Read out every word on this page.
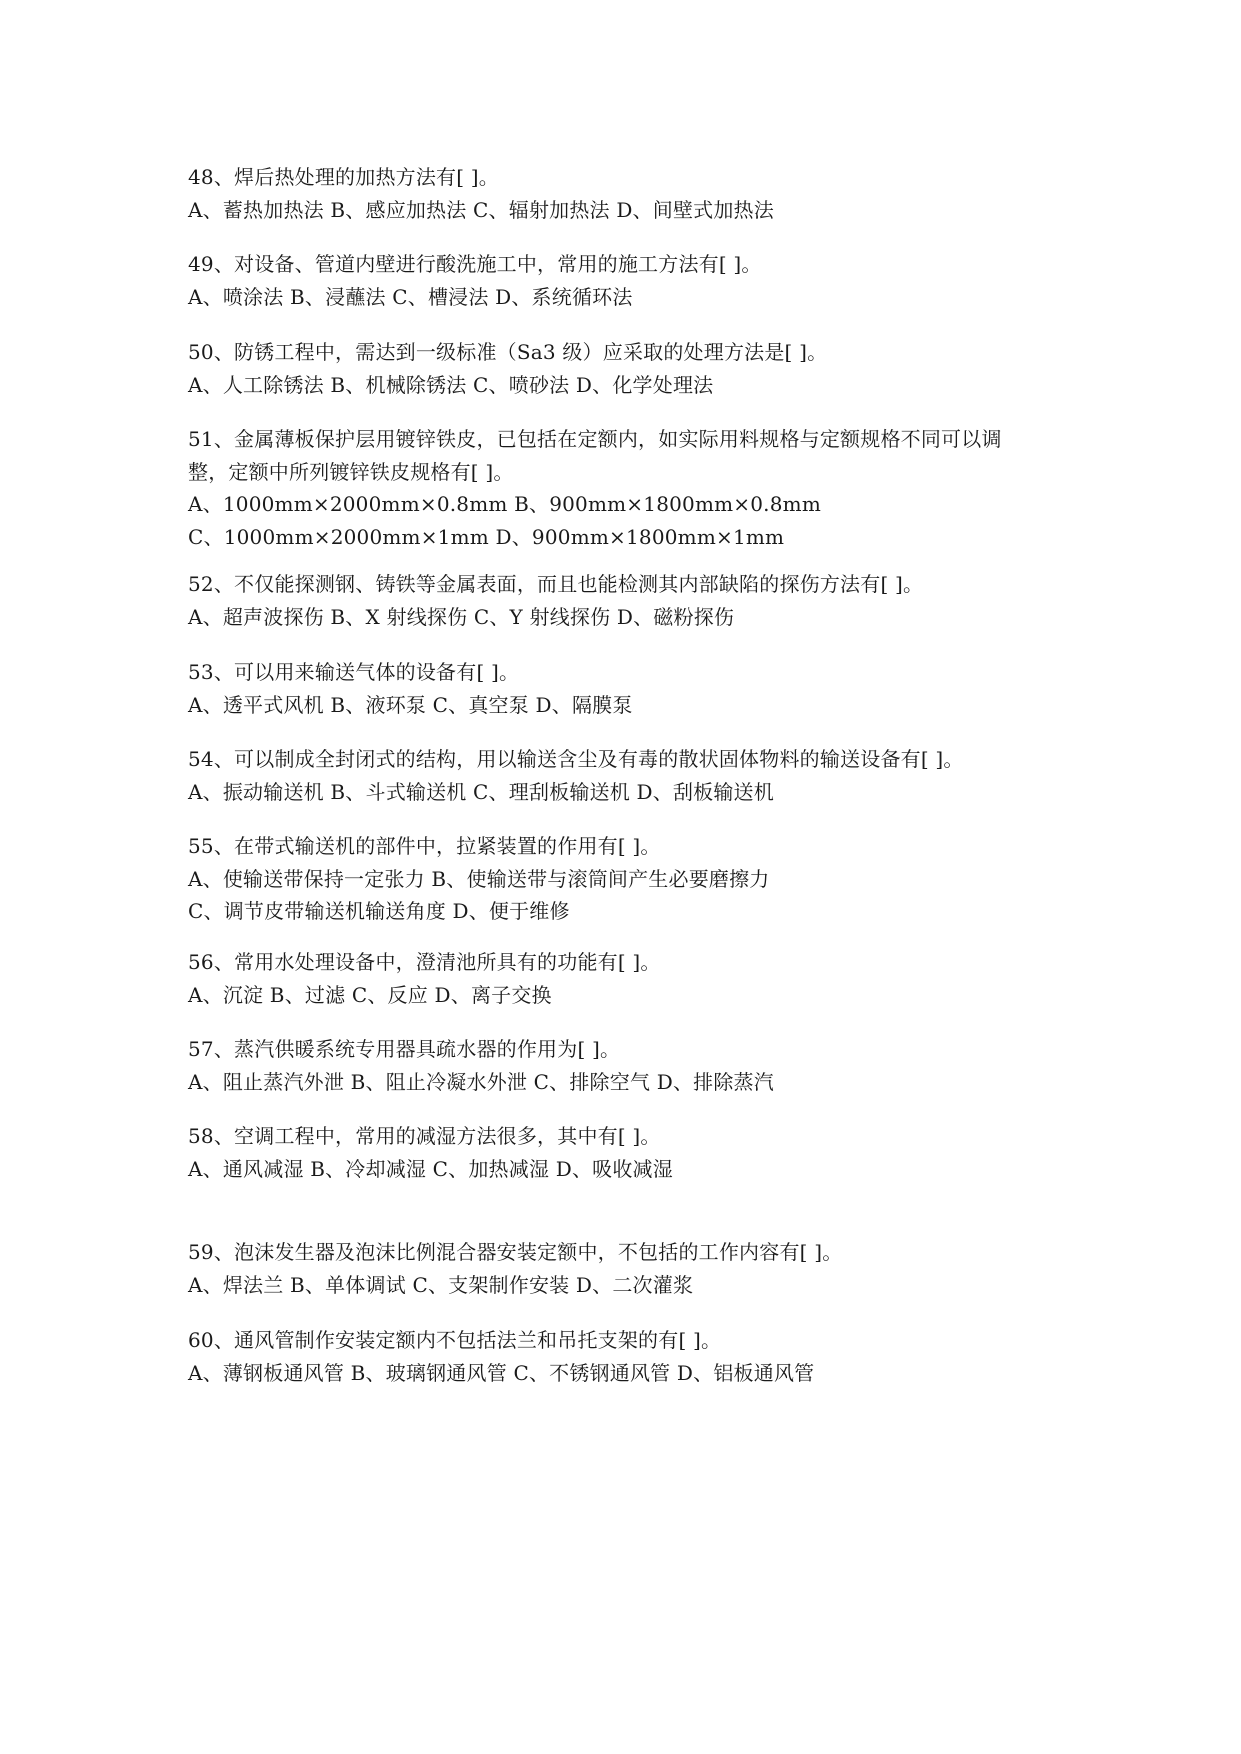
48、焊后热处理的加热方法有[ ]。
A、蓄热加热法 B、感应加热法 C、辐射加热法 D、间壁式加热法
49、对设备、管道内壁进行酸洗施工中，常用的施工方法有[ ]。
A、喷涂法 B、浸蘸法 C、槽浸法 D、系统循环法
50、防锈工程中，需达到一级标准（Sa3 级）应采取的处理方法是[ ]。
A、人工除锈法 B、机械除锈法 C、喷砂法 D、化学处理法
51、金属薄板保护层用镀锌铁皮，已包括在定额内，如实际用料规格与定额规格不同可以调
整，定额中所列镀锌铁皮规格有[ ]。
A、1000mm×2000mm×0.8mm B、900mm×1800mm×0.8mm
C、1000mm×2000mm×1mm D、900mm×1800mm×1mm
52、不仅能探测钢、铸铁等金属表面，而且也能检测其内部缺陷的探伤方法有[ ]。
A、超声波探伤 B、X 射线探伤 C、Y 射线探伤 D、磁粉探伤
53、可以用来输送气体的设备有[ ]。
A、透平式风机 B、液环泵 C、真空泵 D、隔膜泵
54、可以制成全封闭式的结构，用以输送含尘及有毒的散状固体物料的输送设备有[ ]。
A、振动输送机 B、斗式输送机 C、理刮板输送机 D、刮板输送机
55、在带式输送机的部件中，拉紧装置的作用有[ ]。
A、使输送带保持一定张力 B、使输送带与滚筒间产生必要磨擦力
C、调节皮带输送机输送角度 D、便于维修
56、常用水处理设备中，澄清池所具有的功能有[ ]。
A、沉淀 B、过滤 C、反应 D、离子交换
57、蒸汽供暖系统专用器具疏水器的作用为[ ]。
A、阻止蒸汽外泄 B、阻止冷凝水外泄 C、排除空气 D、排除蒸汽
58、空调工程中，常用的减湿方法很多，其中有[ ]。
A、通风减湿 B、冷却减湿 C、加热减湿 D、吸收减湿
59、泡沫发生器及泡沫比例混合器安装定额中，不包括的工作内容有[ ]。
A、焊法兰 B、单体调试 C、支架制作安装 D、二次灌浆
60、通风管制作安装定额内不包括法兰和吊托支架的有[ ]。
A、薄钢板通风管 B、玻璃钢通风管 C、不锈钢通风管 D、铝板通风管
